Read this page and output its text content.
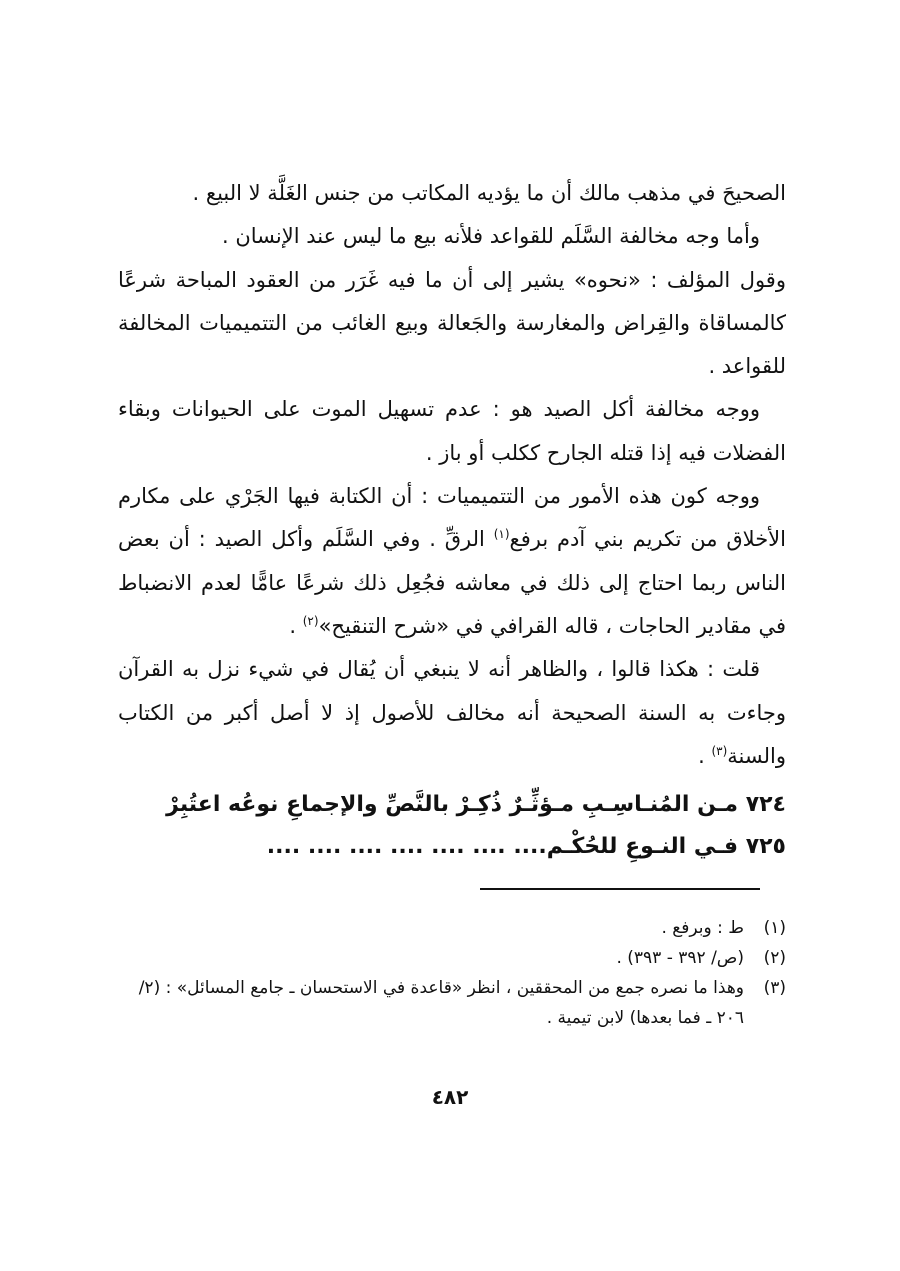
الصحيحَ في مذهب مالك أن ما يؤديه المكاتب من جنس الغَلَّة لا البيع .

وأما وجه مخالفة السَّلَم للقواعد فلأنه بيع ما ليس عند الإنسان .

وقول المؤلف : «نحوه» يشير إلى أن ما فيه غَرَر من العقود المباحة شرعًا كالمساقاة والقِراض والمغارسة والجَعالة وبيع الغائب من التتميميات المخالفة للقواعد .

ووجه مخالفة أكل الصيد هو : عدم تسهيل الموت على الحيوانات وبقاء الفضلات فيه إذا قتله الجارح ككلب أو باز .

ووجه كون هذه الأمور من التتميميات : أن الكتابة فيها الجَرْي على مكارم الأخلاق من تكريم بني آدم برفع$^{(١)}$ الرقِّ . وفي السَّلَم وأكل الصيد : أن بعض الناس ربما احتاج إلى ذلك في معاشه فجُعِل ذلك شرعًا عامًّا لعدم الانضباط في مقادير الحاجات ، قاله القرافي في «شرح التنقيح»$^{(٢)}$ .

قلت : هكذا قالوا ، والظاهر أنه لا ينبغي أن يُقال في شيء نزل به القرآن وجاءت به السنة الصحيحة أنه مخالف للأصول إذ لا أصل أكبر من الكتاب والسنة$^{(٣)}$ .

٧٢٤ مـن المُنـاسِـبِ مـؤثِّـرٌ ذُكِـرْ بالنَّصِّ والإجماعِ نوعُه اعتُبِرْ
٧٢٥ فـي النـوعِ للحُكْـم.... .... .... .... .... .... ....
(١)
ط : وبرفع .
(٢)
(ص/ ٣٩٢ - ٣٩٣) .
(٣)
وهذا ما نصره جمع من المحققين ، انظر «قاعدة في الاستحسان ـ جامع المسائل» : (٢/ ٢٠٦ ـ فما بعدها) لابن تيمية .
٤٨٢
